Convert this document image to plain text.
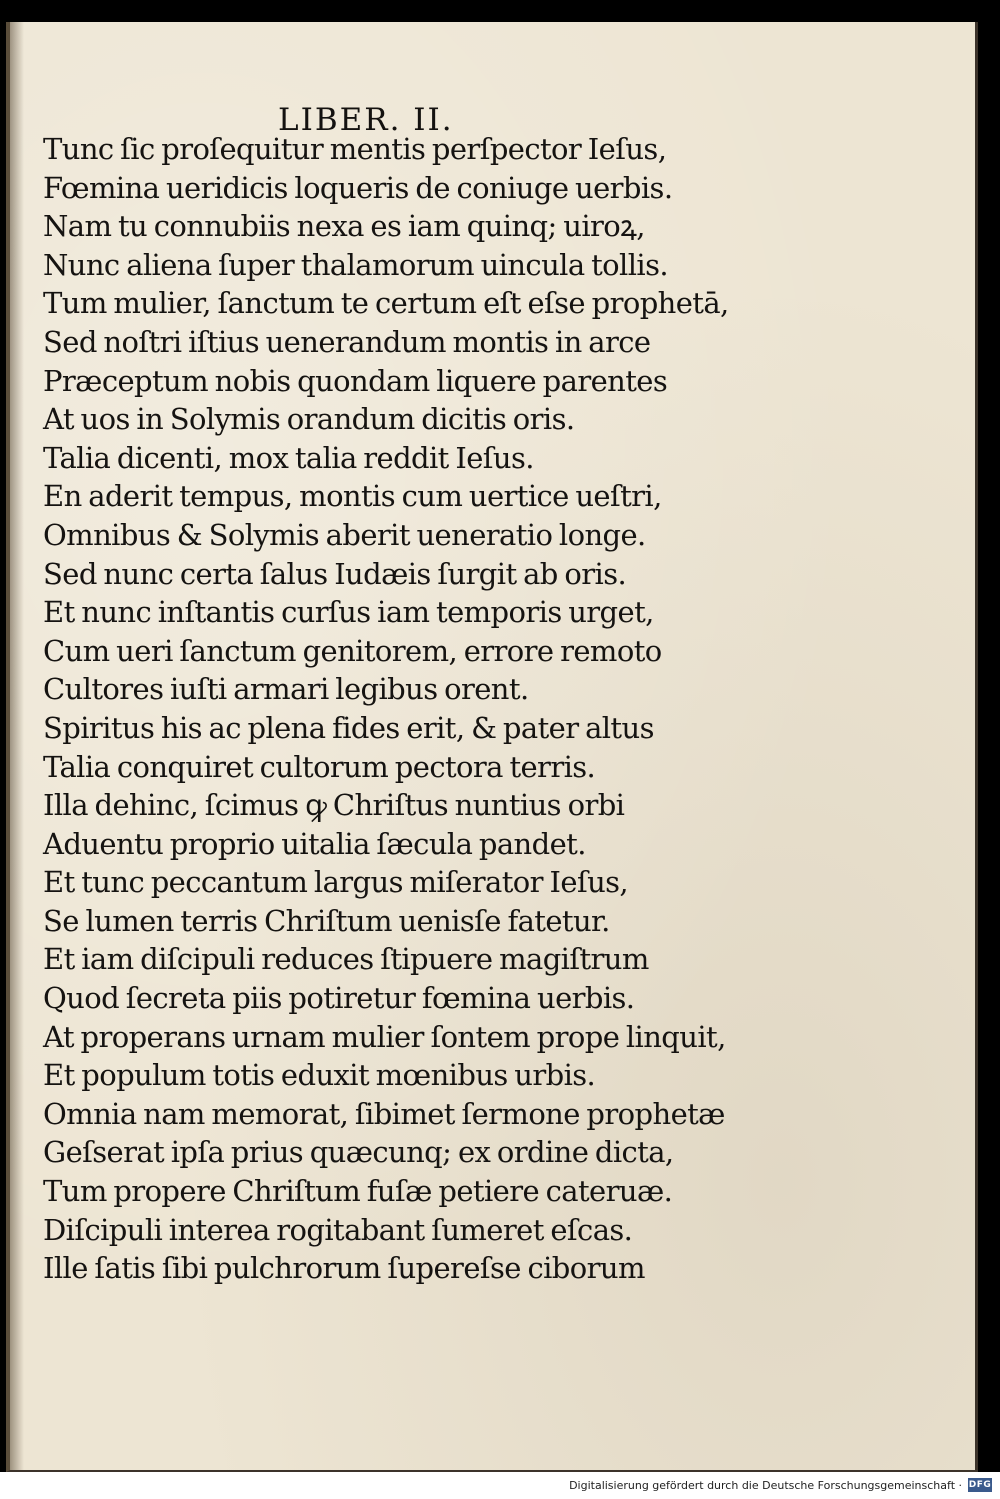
LIBER. II.
Tunc ſic proſequitur mentis perſpector Ieſus,
Fœmina ueridicis loqueris de coniuge uerbis.
Nam tu connubiis nexa es iam quinq; uiroꝝ,
Nunc aliena ſuper thalamorum uincula tollis.
Tum mulier, ſanctum te certum eſt eſse prophetā,
Sed noſtri iſtius uenerandum montis in arce
Præceptum nobis quondam liquere parentes
At uos in Solymis orandum dicitis oris.
Talia dicenti, mox talia reddit Ieſus.
En aderit tempus, montis cum uertice ueſtri,
Omnibus & Solymis aberit ueneratio longe.
Sed nunc certa ſalus Iudæis ſurgit ab oris.
Et nunc inſtantis curſus iam temporis urget,
Cum ueri ſanctum genitorem, errore remoto
Cultores iuſti armari legibus orent.
Spiritus his ac plena fides erit, & pater altus
Talia conquiret cultorum pectora terris.
Illa dehinc, ſcimus ꝙ Chriſtus nuntius orbi
Aduentu proprio uitalia ſæcula pandet.
Et tunc peccantum largus miſerator Ieſus,
Se lumen terris Chriſtum uenisſe fatetur.
Et iam diſcipuli reduces ſtipuere magiſtrum
Quod ſecreta piis potiretur fœmina uerbis.
At properans urnam mulier ſontem prope linquit,
Et populum totis eduxit mœnibus urbis.
Omnia nam memorat, ſibimet ſermone prophetæ
Geſserat ipſa prius quæcunq; ex ordine dicta,
Tum propere Chriſtum fuſæ petiere cateruæ.
Diſcipuli interea rogitabant ſumeret eſcas.
Ille ſatis ſibi pulchrorum ſupereſse ciborum
Digitalisierung gefördert durch die Deutsche Forschungsgemeinschaft · DFG
